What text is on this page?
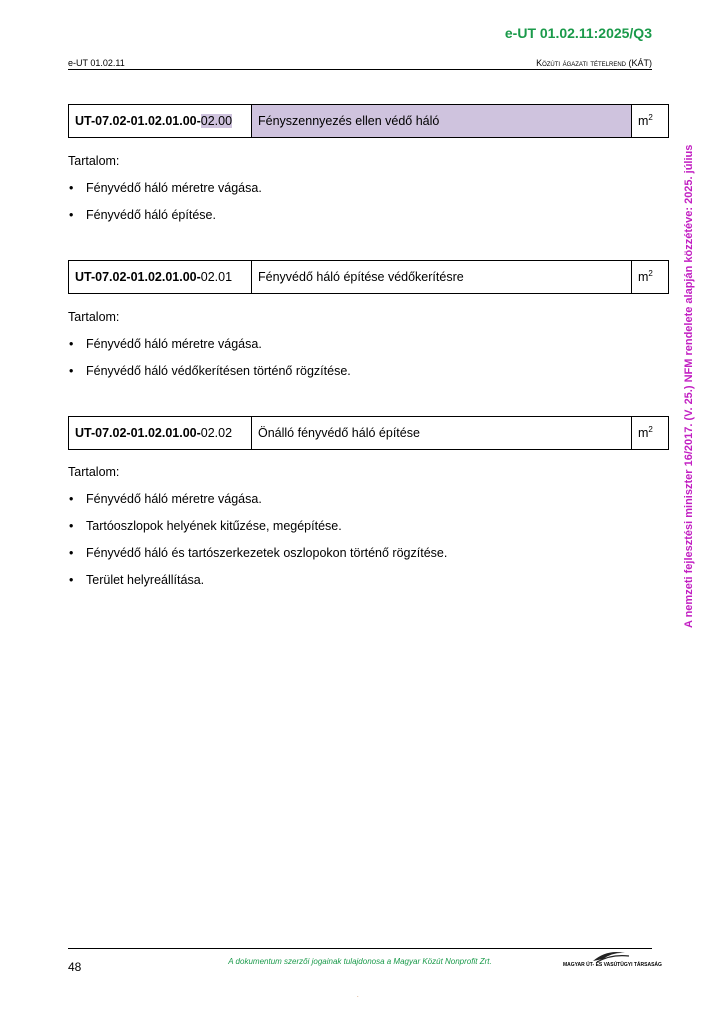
e-UT 01.02.11:2025/Q3
e-UT 01.02.11	Közúti ágazati tételrend (KÁT)
A nemzeti fejlesztési miniszter 16/2017. (V. 25.) NFM rendelete alapján közzétéve: 2025. július
UT-07.02-01.02.01.00-02.00	Fényszennyezés ellen védő háló	$m^2$
Tartalom:
• Fényvédő háló méretre vágása.
• Fényvédő háló építése.
UT-07.02-01.02.01.00-02.01	Fényvédő háló építése védőkerítésre	$m^2$
Tartalom:
• Fényvédő háló méretre vágása.
• Fényvédő háló védőkerítésen történő rögzítése.
UT-07.02-01.02.01.00-02.02	Önálló fényvédő háló építése	$m^2$
Tartalom:
• Fényvédő háló méretre vágása.
• Tartóoszlopok helyének kitűzése, megépítése.
• Fényvédő háló és tartószerkezetek oszlopokon történő rögzítése.
• Terület helyreállítása.
48	A dokumentum szerzői jogainak tulajdonosa a Magyar Közút Nonprofit Zrt.	MAGYAR ÚT- ÉS VASÚTÜGYI TÁRSASÁG
.
